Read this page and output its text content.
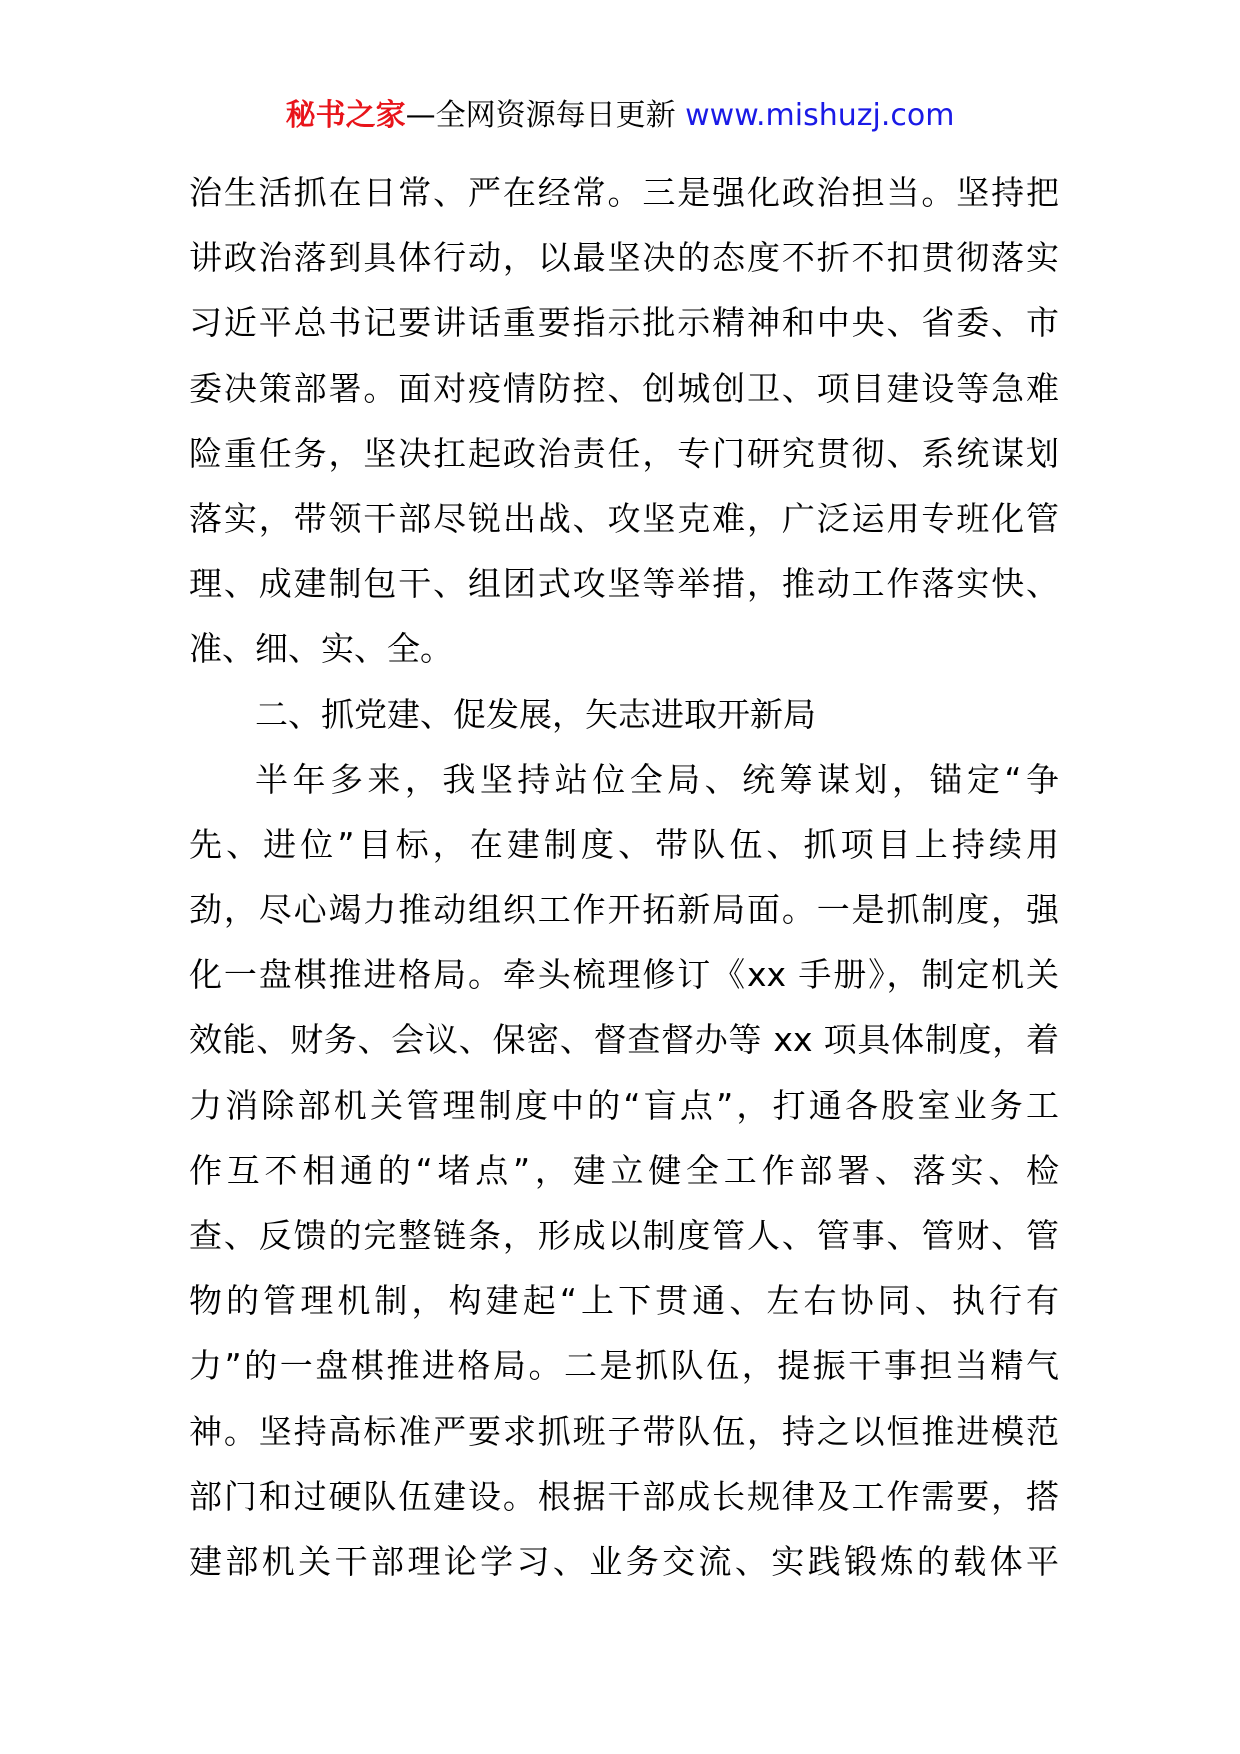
秘书之家—全网资源每日更新 www.mishuzj.com
治生活抓在日常、严在经常。三是强化政治担当。坚持把
讲政治落到具体行动，以最坚决的态度不折不扣贯彻落实
习近平总书记要讲话重要指示批示精神和中央、省委、市
委决策部署。面对疫情防控、创城创卫、项目建设等急难
险重任务，坚决扛起政治责任，专门研究贯彻、系统谋划
落实，带领干部尽锐出战、攻坚克难，广泛运用专班化管
理、成建制包干、组团式攻坚等举措，推动工作落实快、
准、细、实、全。
二、抓党建、促发展，矢志进取开新局
半年多来，我坚持站位全局、统筹谋划，锚定“争
先、进位”目标，在建制度、带队伍、抓项目上持续用
劲，尽心竭力推动组织工作开拓新局面。一是抓制度，强
化一盘棋推进格局。牵头梳理修订《xx 手册》，制定机关
效能、财务、会议、保密、督查督办等 xx 项具体制度，着
力消除部机关管理制度中的“盲点”，打通各股室业务工
作互不相通的“堵点”，建立健全工作部署、落实、检
查、反馈的完整链条，形成以制度管人、管事、管财、管
物的管理机制，构建起“上下贯通、左右协同、执行有
力”的一盘棋推进格局。二是抓队伍，提振干事担当精气
神。坚持高标准严要求抓班子带队伍，持之以恒推进模范
部门和过硬队伍建设。根据干部成长规律及工作需要，搭
建部机关干部理论学习、业务交流、实践锻炼的载体平
